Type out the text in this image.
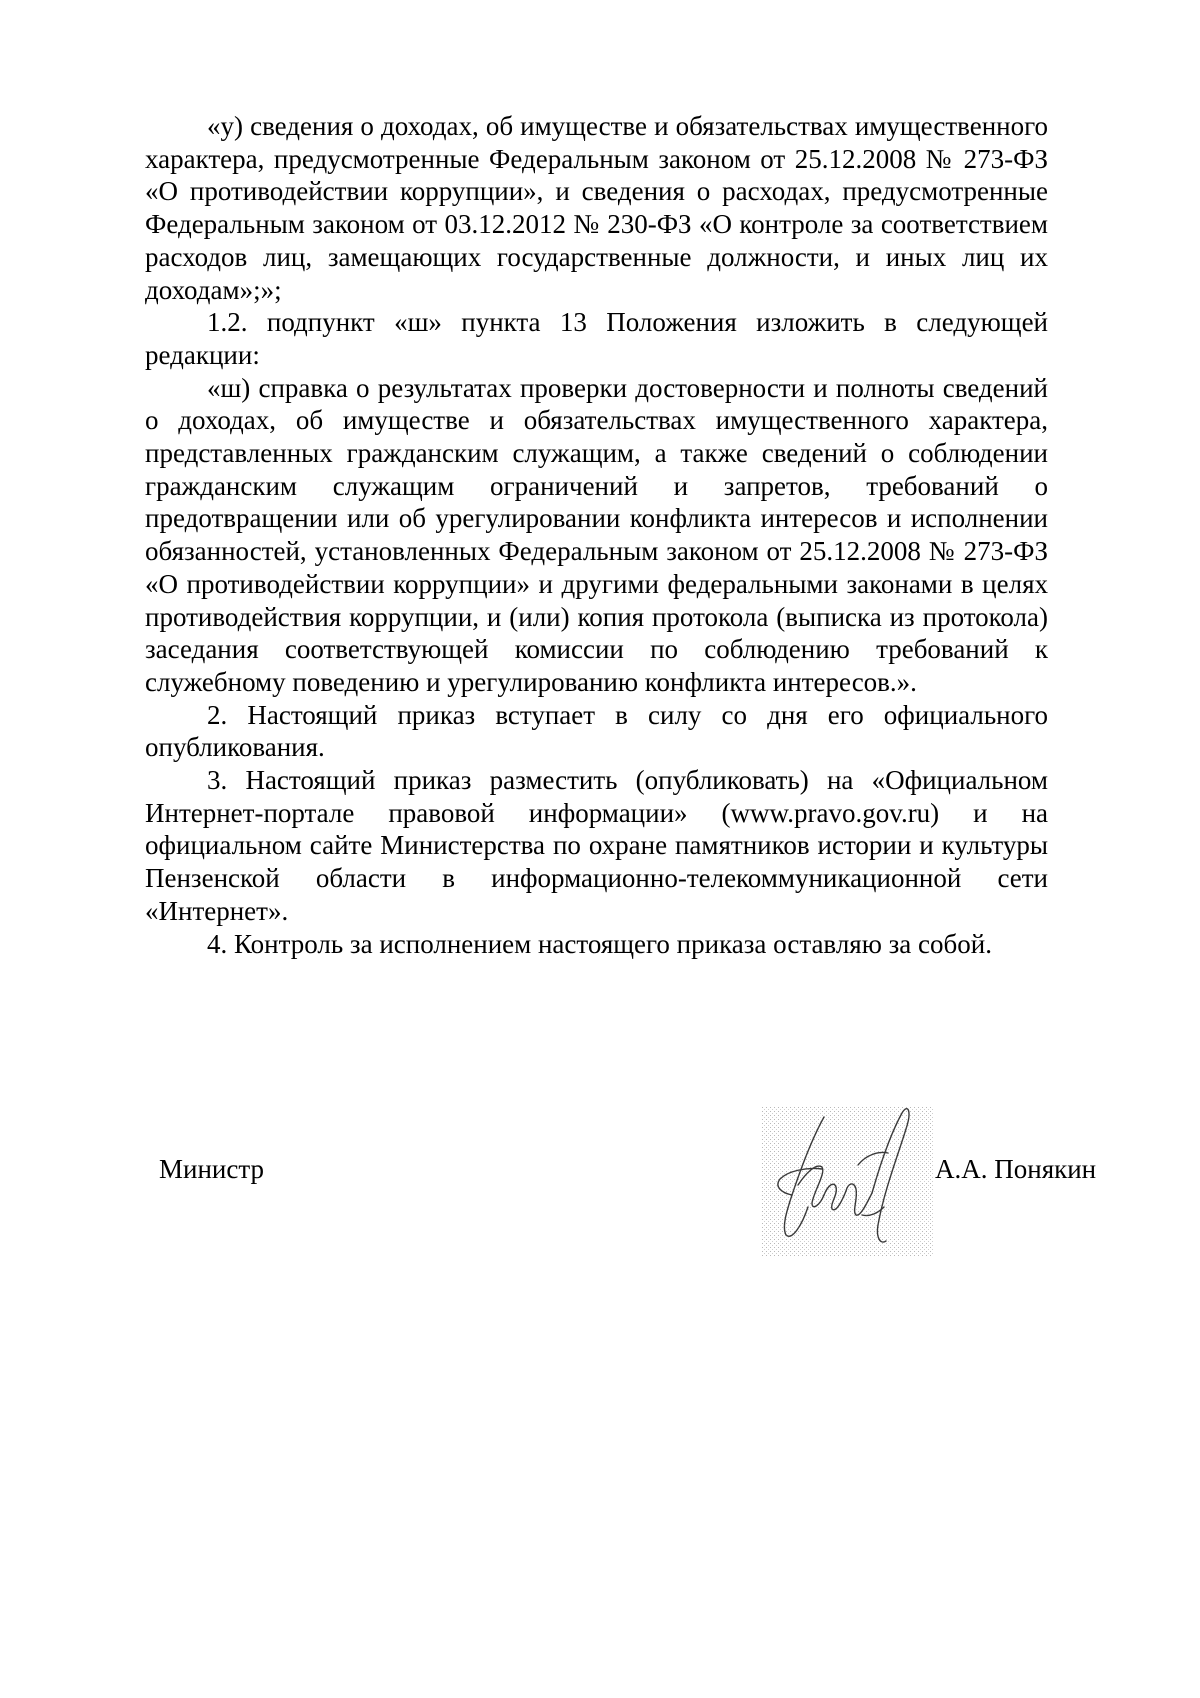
«у) сведения о доходах, об имуществе и обязательствах имущественного характера, предусмотренные Федеральным законом от 25.12.2008 № 273-ФЗ «О противодействии коррупции», и сведения о расходах, предусмотренные Федеральным законом от 03.12.2012 № 230-ФЗ «О контроле за соответствием расходов лиц, замещающих государственные должности, и иных лиц их доходам»;»;

1.2. подпункт «ш» пункта 13 Положения изложить в следующей редакции:

«ш) справка о результатах проверки достоверности и полноты сведений о доходах, об имуществе и обязательствах имущественного характера, представленных гражданским служащим, а также сведений о соблюдении гражданским служащим ограничений и запретов, требований о предотвращении или об урегулировании конфликта интересов и исполнении обязанностей, установленных Федеральным законом от 25.12.2008 № 273-ФЗ «О противодействии коррупции» и другими федеральными законами в целях противодействия коррупции, и (или) копия протокола (выписка из протокола) заседания соответствующей комиссии по соблюдению требований к служебному поведению и урегулированию конфликта интересов.».

2. Настоящий приказ вступает в силу со дня его официального опубликования.

3. Настоящий приказ разместить (опубликовать) на «Официальном Интернет-портале правовой информации» (www.pravo.gov.ru) и на официальном сайте Министерства по охране памятников истории и культуры Пензенской области в информационно-телекоммуникационной сети «Интернет».

4. Контроль за исполнением настоящего приказа оставляю за собой.

Министр	А.А. Понякин
